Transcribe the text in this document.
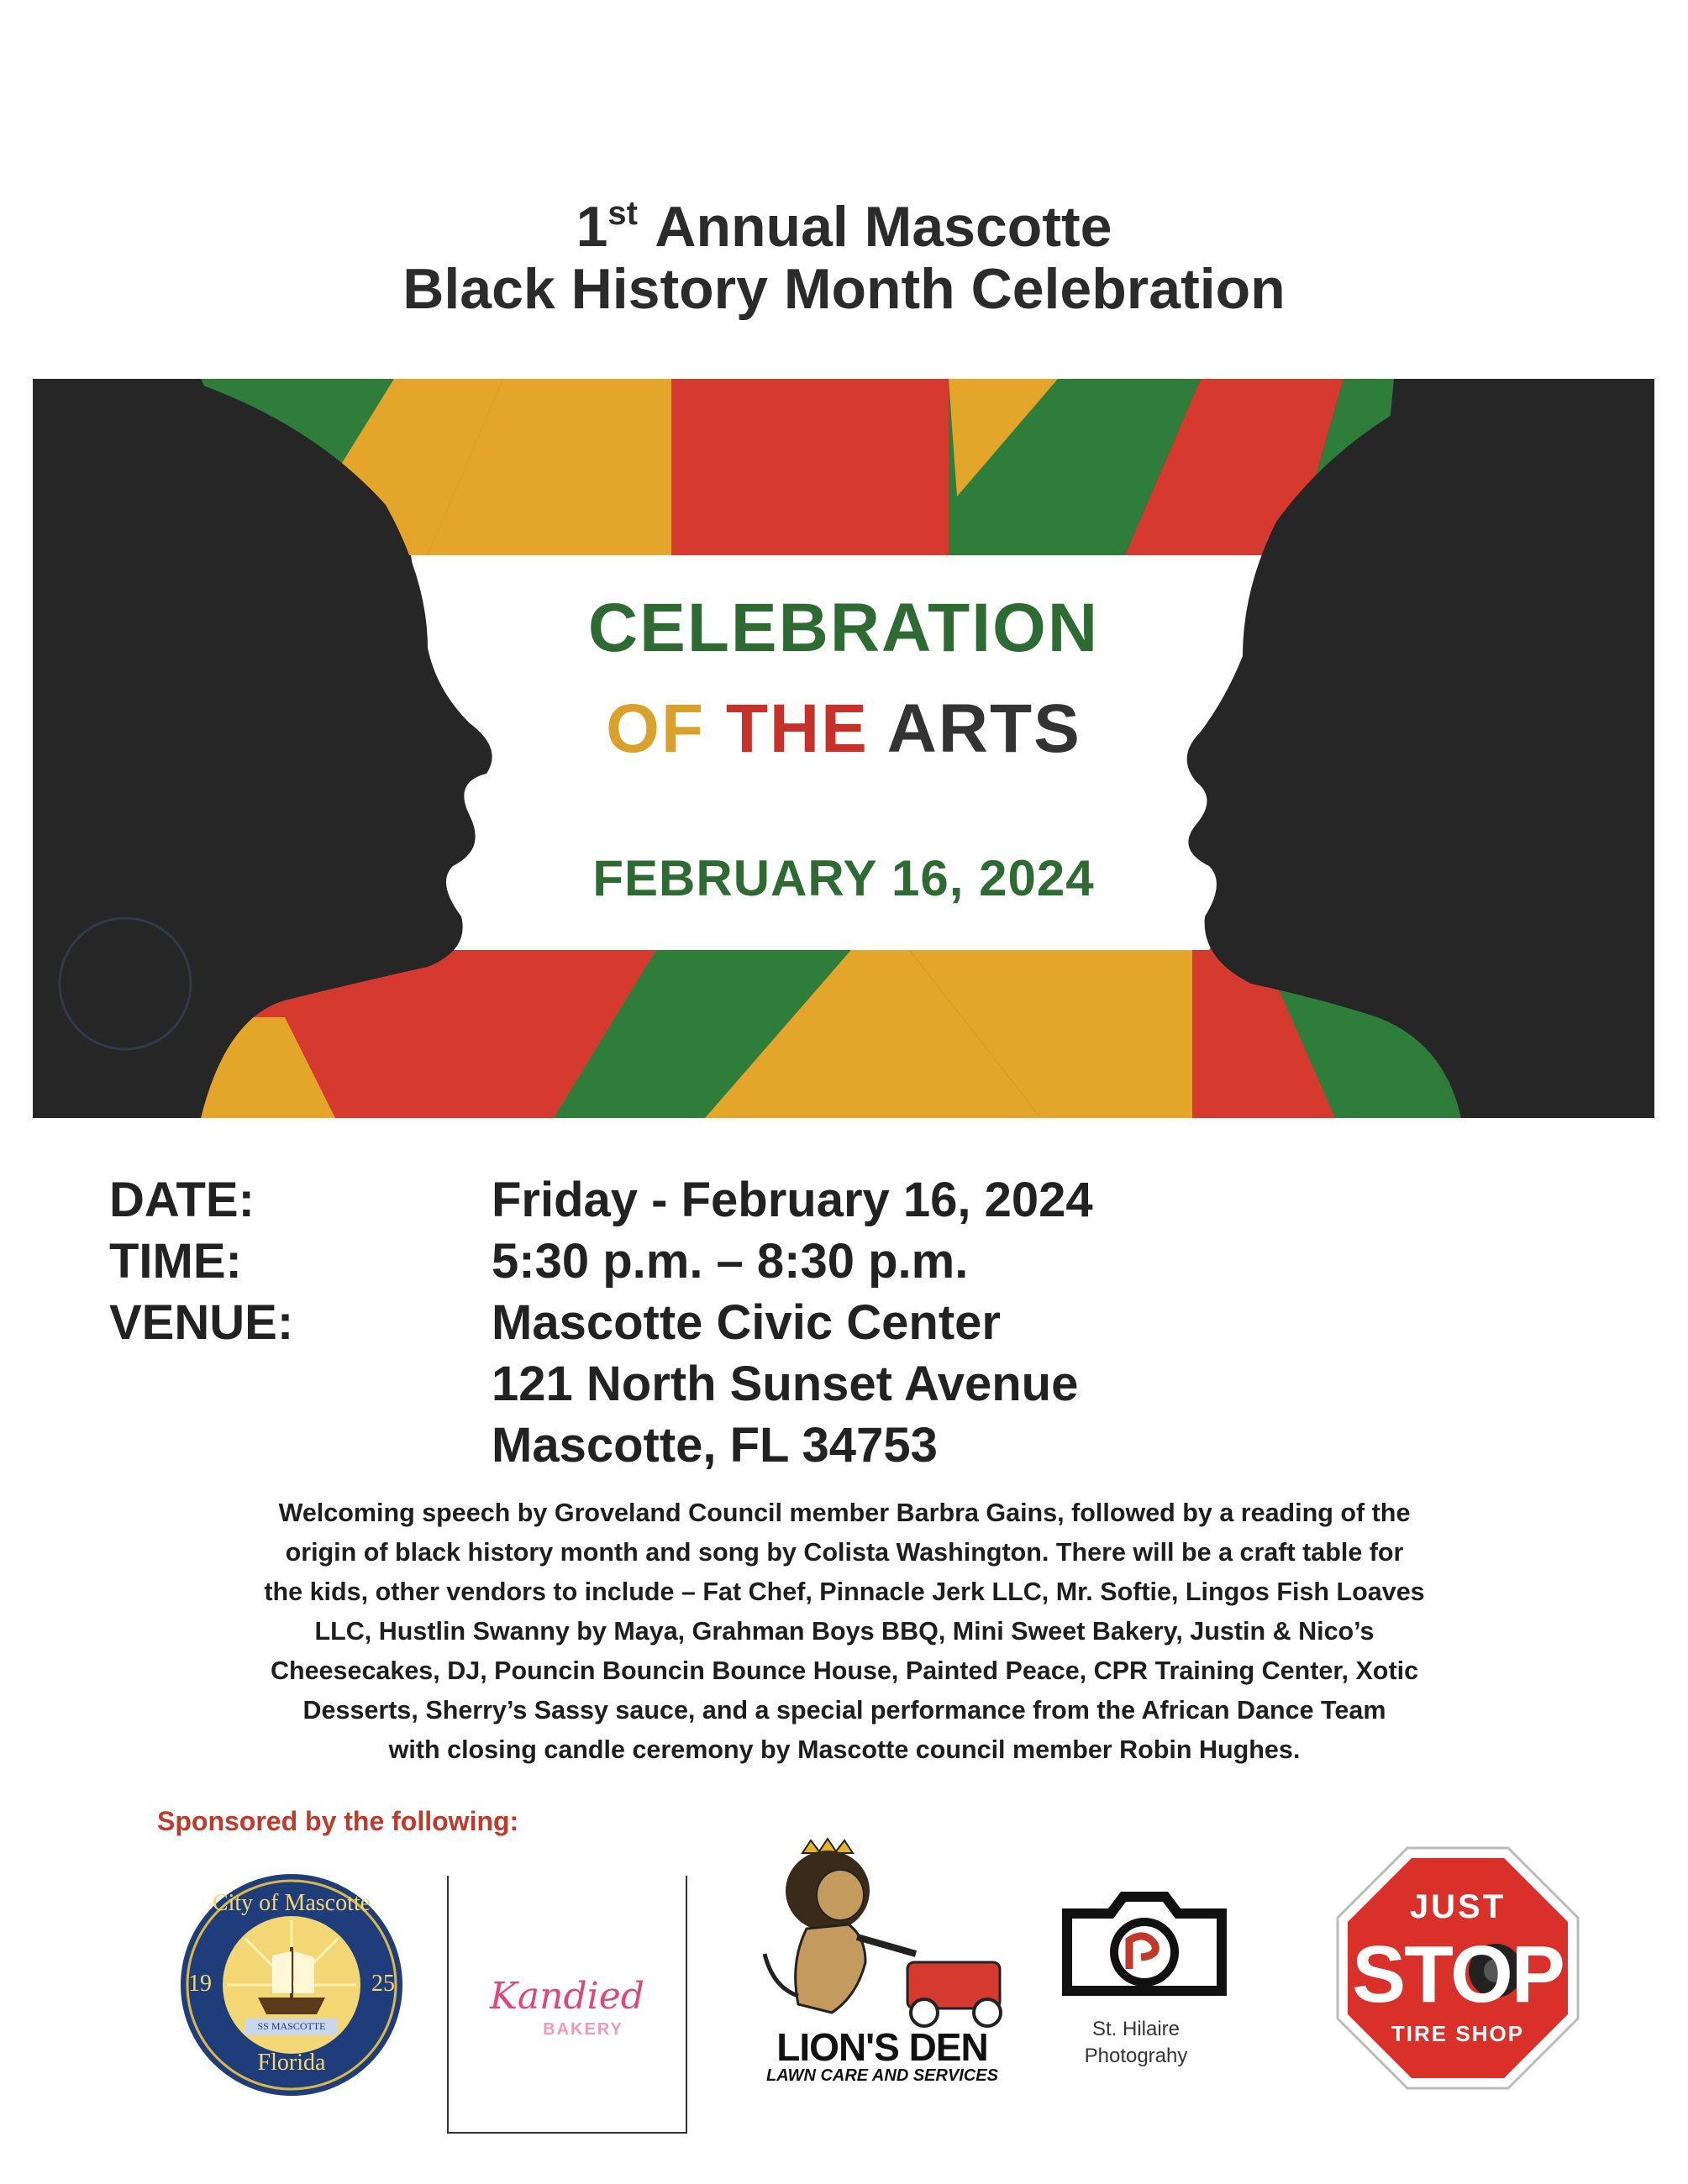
1st Annual Mascotte
Black History Month Celebration
CELEBRATION
OF THE ARTS
FEBRUARY 16, 2024
DATE:	Friday - February 16, 2024
TIME:	5:30 p.m. – 8:30 p.m.
VENUE:	Mascotte Civic Center
121 North Sunset Avenue
Mascotte, FL 34753
Welcoming speech by Groveland Council member Barbra Gains, followed by a reading of the
origin of black history month and song by Colista Washington. There will be a craft table for
the kids, other vendors to include – Fat Chef, Pinnacle Jerk LLC, Mr. Softie, Lingos Fish Loaves
LLC, Hustlin Swanny by Maya, Grahman Boys BBQ, Mini Sweet Bakery, Justin & Nico’s
Cheesecakes, DJ, Pouncin Bouncin Bounce House, Painted Peace, CPR Training Center, Xotic
Desserts, Sherry’s Sassy sauce, and a special performance from the African Dance Team
with closing candle ceremony by Mascotte council member Robin Hughes.
Sponsored by the following:
City of Mascotte
Florida
19	25
SS MASCOTTE
Kandied
BAKERY	LION'S DEN
LAWN CARE AND SERVICES
St. Hilaire
Photograhy
JUST
STOP
TIRE SHOP
